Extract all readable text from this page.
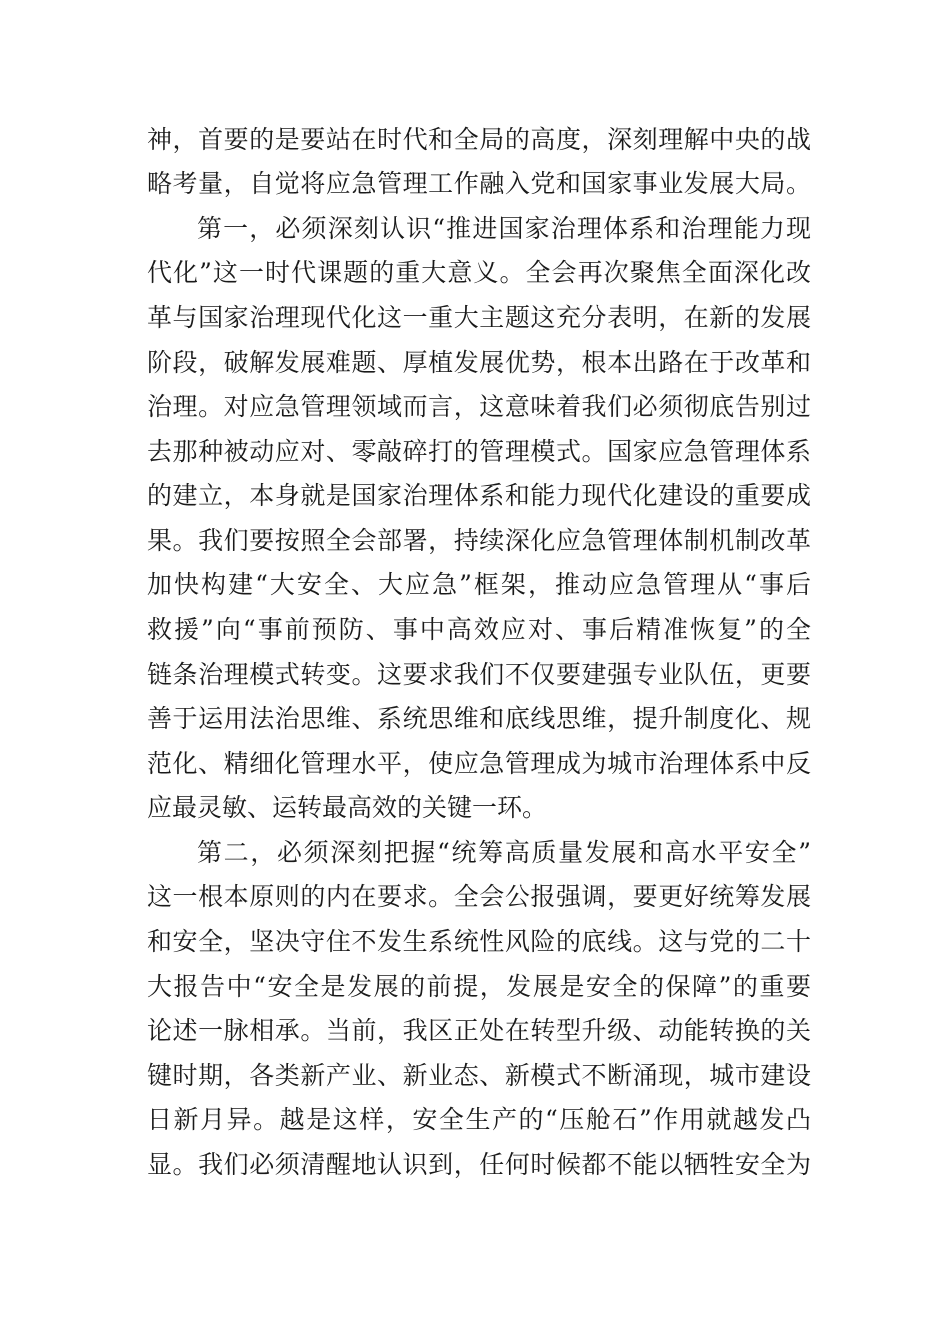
神，首要的是要站在时代和全局的高度，深刻理解中央的战
略考量，自觉将应急管理工作融入党和国家事业发展大局。
第一，必须深刻认识“推进国家治理体系和治理能力现
代化”这一时代课题的重大意义。全会再次聚焦全面深化改
革与国家治理现代化这一重大主题这充分表明，在新的发展
阶段，破解发展难题、厚植发展优势，根本出路在于改革和
治理。对应急管理领域而言，这意味着我们必须彻底告别过
去那种被动应对、零敲碎打的管理模式。国家应急管理体系
的建立，本身就是国家治理体系和能力现代化建设的重要成
果。我们要按照全会部署，持续深化应急管理体制机制改革
加快构建“大安全、大应急”框架，推动应急管理从“事后
救援”向“事前预防、事中高效应对、事后精准恢复”的全
链条治理模式转变。这要求我们不仅要建强专业队伍，更要
善于运用法治思维、系统思维和底线思维，提升制度化、规
范化、精细化管理水平，使应急管理成为城市治理体系中反
应最灵敏、运转最高效的关键一环。
第二，必须深刻把握“统筹高质量发展和高水平安全”
这一根本原则的内在要求。全会公报强调，要更好统筹发展
和安全，坚决守住不发生系统性风险的底线。这与党的二十
大报告中“安全是发展的前提，发展是安全的保障”的重要
论述一脉相承。当前，我区正处在转型升级、动能转换的关
键时期，各类新产业、新业态、新模式不断涌现，城市建设
日新月异。越是这样，安全生产的“压舱石”作用就越发凸
显。我们必须清醒地认识到，任何时候都不能以牺牲安全为
